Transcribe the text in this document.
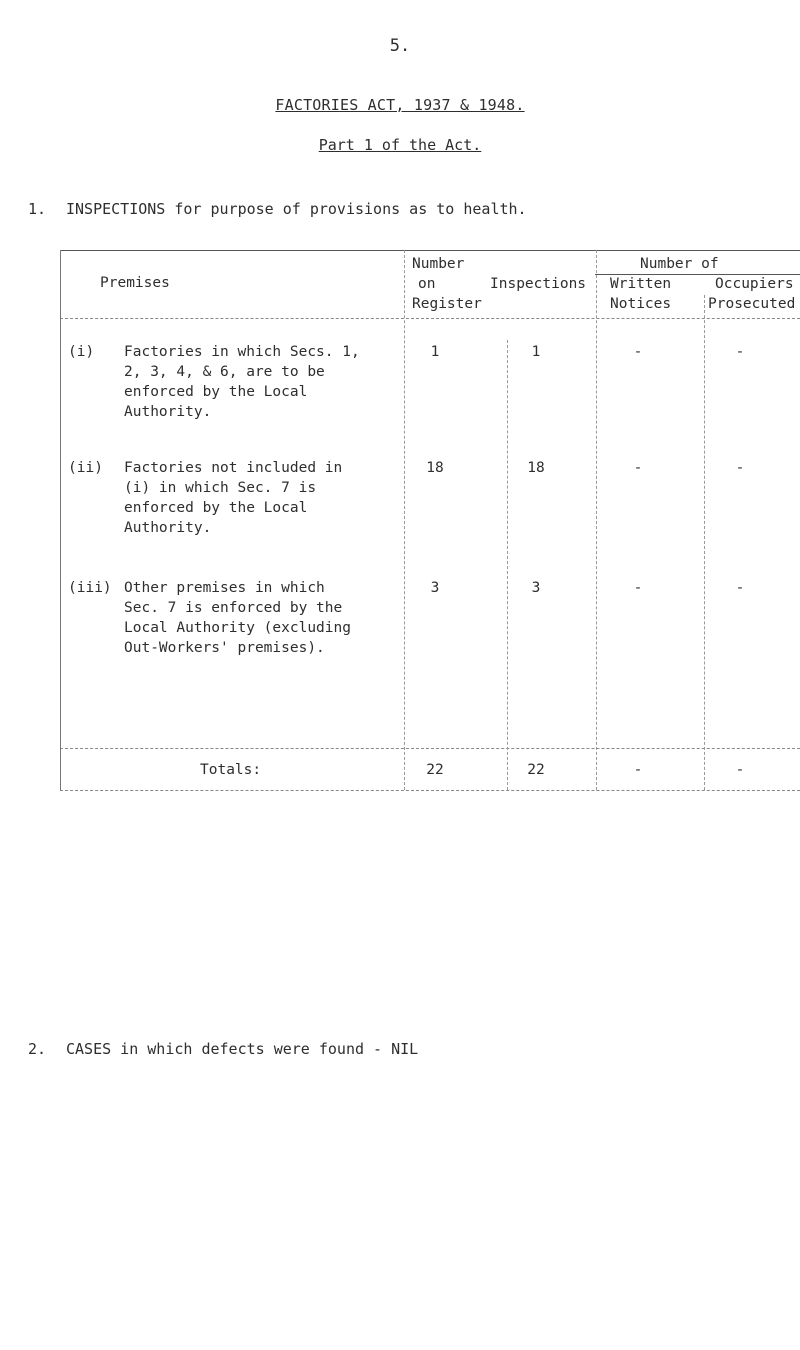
5.
FACTORIES ACT, 1937 & 1948.
Part 1 of the Act.
1. INSPECTIONS for purpose of provisions as to health.
Premises
Number
on
Register
Inspections
Number of
Written
Notices
Occupiers
Prosecuted
(i) Factories in which Secs. 1,
2, 3, 4, & 6, are to be
enforced by the Local
Authority.
1	1	-	-
(ii) Factories not included in
(i) in which Sec. 7 is
enforced by the Local
Authority.
18	18	-	-
(iii) Other premises in which
Sec. 7 is enforced by the
Local Authority (excluding
Out-Workers' premises).
3	3	-	-
Totals:	22	22	-	-
2. CASES in which defects were found - NIL
